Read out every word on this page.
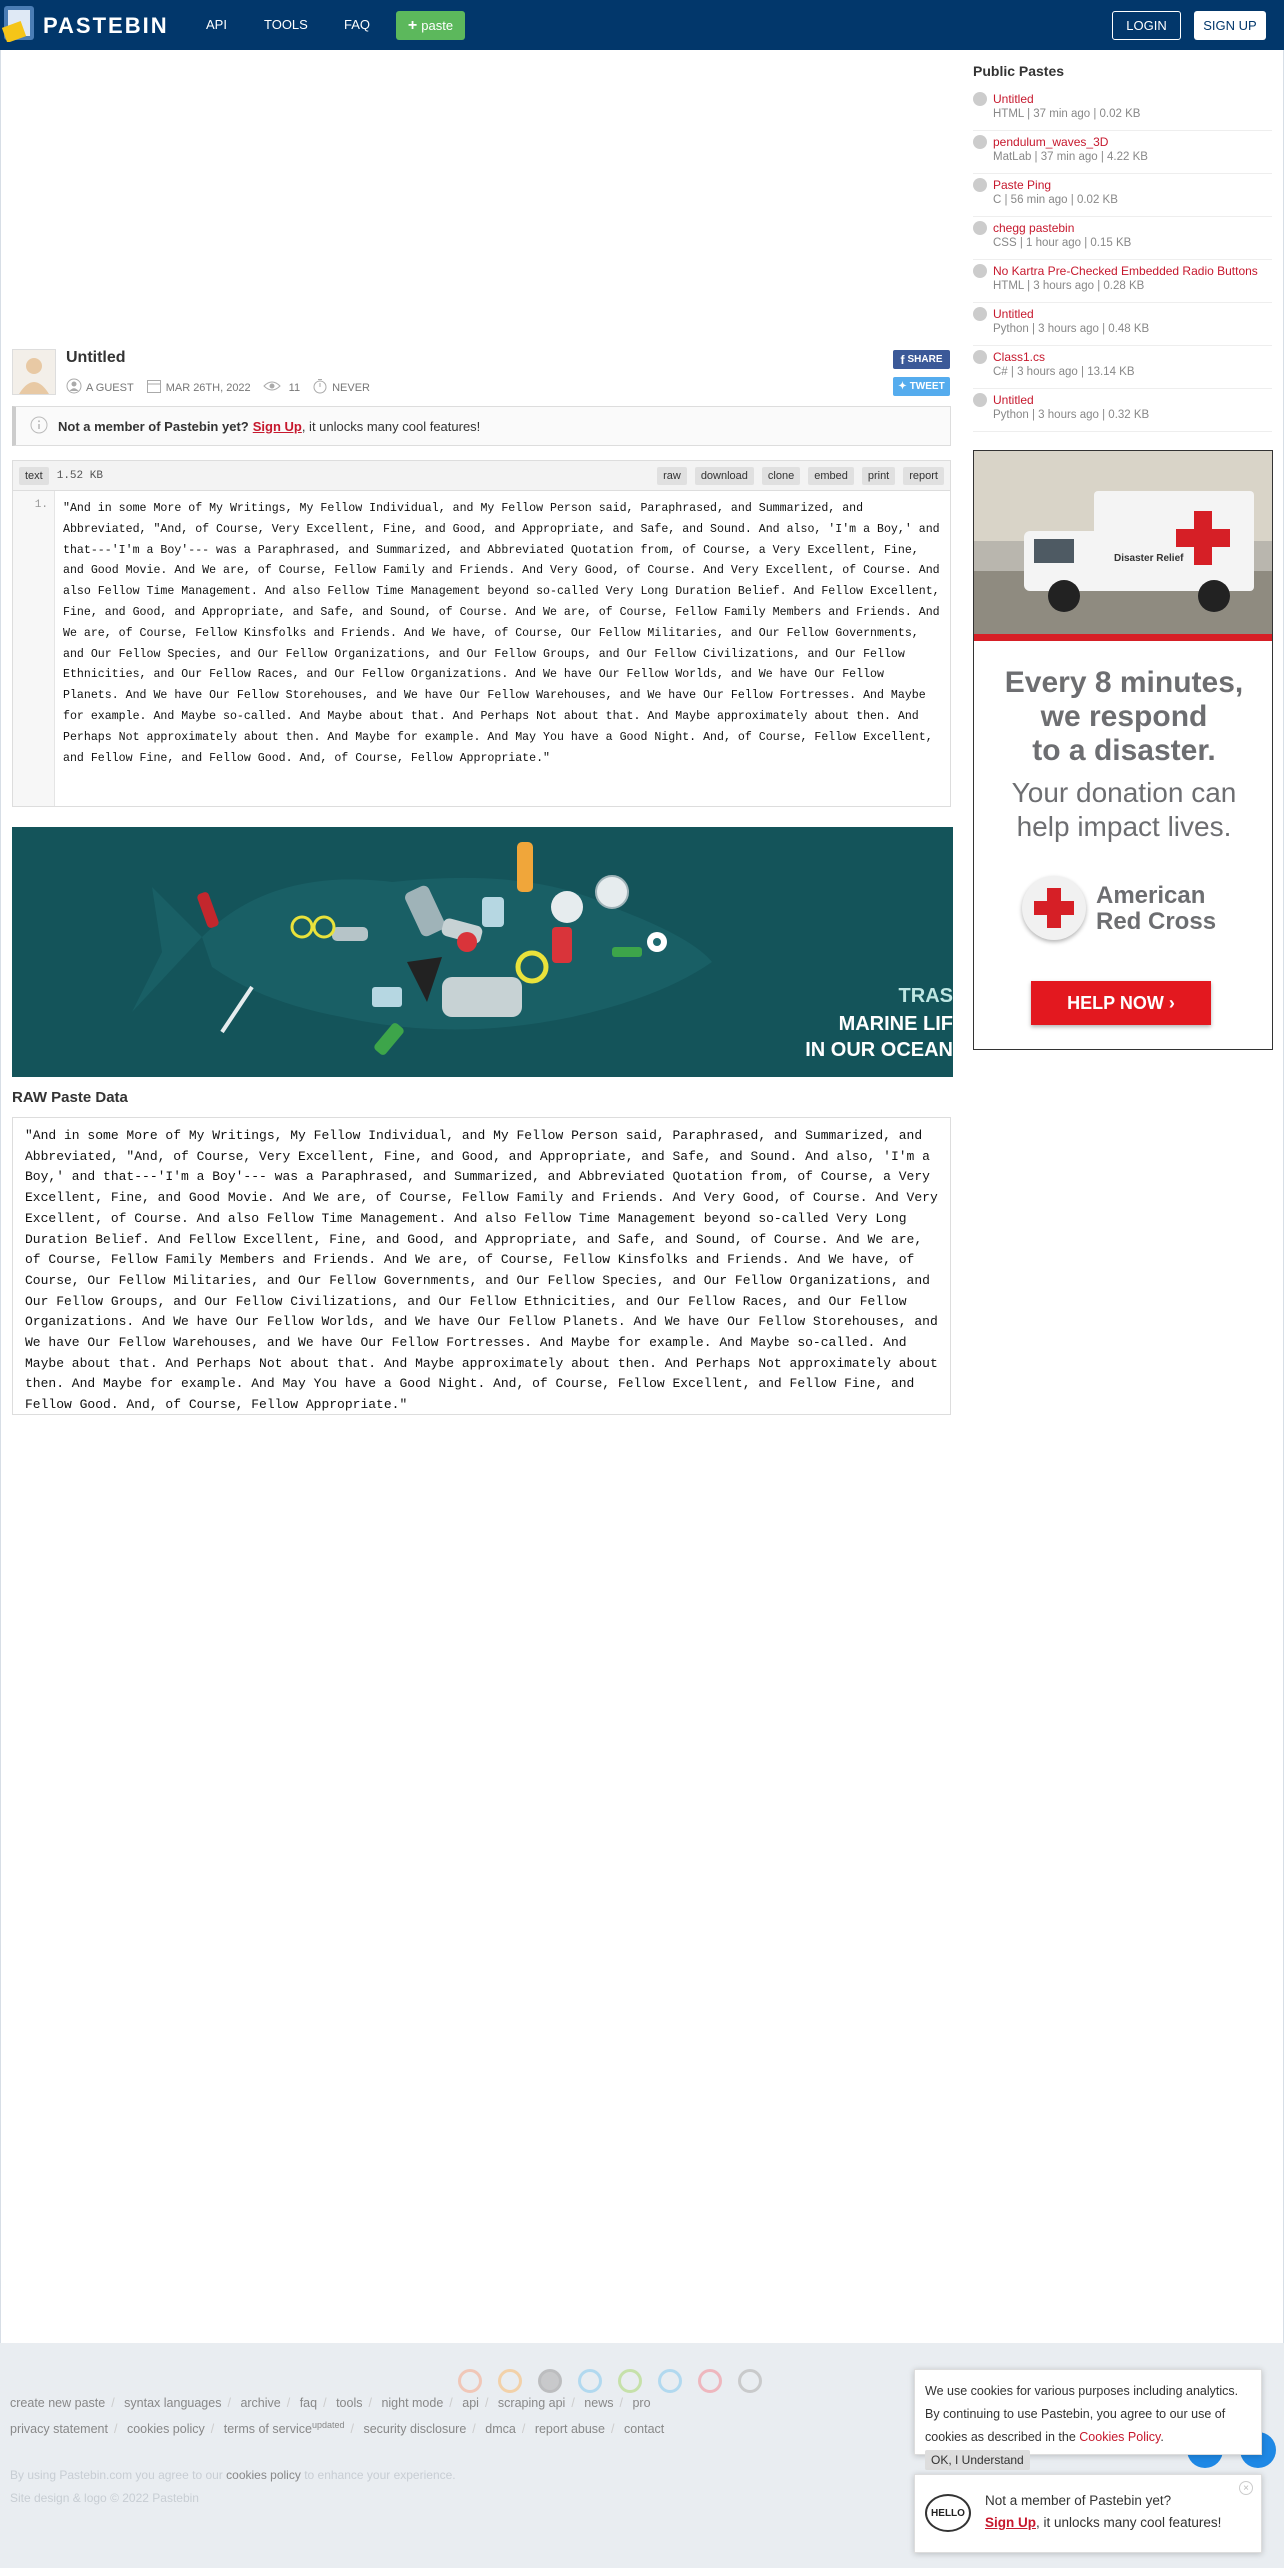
PASTEBIN	API	TOOLS	FAQ + paste	LOGIN	SIGN UP
Untitled
A GUEST	MAR 26TH, 2022	11	NEVER
f SHARE
✦ TWEET
Not a member of Pastebin yet? Sign Up , it unlocks many cool features!
text	1.52 KB	raw	download	clone	embed	print	report
1.	"And in some More of My Writings, My Fellow Individual, and My Fellow Person said, Paraphrased, and Summarized, and Abbreviated, "And, of Course, Very Excellent, Fine, and Good, and Appropriate, and Safe, and Sound. And also, 'I'm a Boy,' and that---'I'm a Boy'--- was a Paraphrased, and Summarized, and Abbreviated Quotation from, of Course, a Very Excellent, Fine, and Good Movie. And We are, of Course, Fellow Family and Friends. And Very Good, of Course. And Very Excellent, of Course. And also Fellow Time Management. And also Fellow Time Management beyond so-called Very Long Duration Belief. And Fellow Excellent, Fine, and Good, and Appropriate, and Safe, and Sound, of Course. And We are, of Course, Fellow Family Members and Friends. And We are, of Course, Fellow Kinsfolks and Friends. And We have, of Course, Our Fellow Militaries, and Our Fellow Governments, and Our Fellow Species, and Our Fellow Organizations, and Our Fellow Groups, and Our Fellow Civilizations, and Our Fellow Ethnicities, and Our Fellow Races, and Our Fellow Organizations. And We have Our Fellow Worlds, and We have Our Fellow Planets. And We have Our Fellow Storehouses, and We have Our Fellow Warehouses, and We have Our Fellow Fortresses. And Maybe for example. And Maybe so-called. And Maybe about that. And Perhaps Not about that. And Maybe approximately about then. And Perhaps Not approximately about then. And Maybe for example. And May You have a Good Night. And, of Course, Fellow Excellent, and Fellow Fine, and Fellow Good. And, of Course, Fellow Appropriate."
TRAS
MARINE LIF
IN OUR OCEAN
RAW Paste Data
"And in some More of My Writings, My Fellow Individual, and My Fellow Person said, Paraphrased, and Summarized, and Abbreviated, "And, of Course, Very Excellent, Fine, and Good, and Appropriate, and Safe, and Sound. And also, 'I'm a Boy,' and that---'I'm a Boy'--- was a Paraphrased, and Summarized, and Abbreviated Quotation from, of Course, a Very Excellent, Fine, and Good Movie. And We are, of Course, Fellow Family and Friends. And Very Good, of Course. And Very Excellent, of Course. And also Fellow Time Management. And also Fellow Time Management beyond so-called Very Long Duration Belief. And Fellow Excellent, Fine, and Good, and Appropriate, and Safe, and Sound, of Course. And We are, of Course, Fellow Family Members and Friends. And We are, of Course, Fellow Kinsfolks and Friends. And We have, of Course, Our Fellow Militaries, and Our Fellow Governments, and Our Fellow Species, and Our Fellow Organizations, and Our Fellow Groups, and Our Fellow Civilizations, and Our Fellow Ethnicities, and Our Fellow Races, and Our Fellow Organizations. And We have Our Fellow Worlds, and We have Our Fellow Planets. And We have Our Fellow Storehouses, and We have Our Fellow Warehouses, and We have Our Fellow Fortresses. And Maybe for example. And Maybe so-called. And Maybe about that. And Perhaps Not about that. And Maybe approximately about then. And Perhaps Not approximately about then. And Maybe for example. And May You have a Good Night. And, of Course, Fellow Excellent, and Fellow Fine, and Fellow Good. And, of Course, Fellow Appropriate."
Public Pastes
Untitled
HTML | 37 min ago | 0.02 KB
pendulum_waves_3D
MatLab | 37 min ago | 4.22 KB
Paste Ping
C | 56 min ago | 0.02 KB
chegg pastebin
CSS | 1 hour ago | 0.15 KB
No Kartra Pre-Checked Embedded Radio Buttons
HTML | 3 hours ago | 0.28 KB
Untitled
Python | 3 hours ago | 0.48 KB
Class1.cs
C# | 3 hours ago | 13.14 KB
Untitled
Python | 3 hours ago | 0.32 KB
Disaster Relief
Every 8 minutes,
we respond
to a disaster.
Your donation can
help impact lives.
American
Red Cross
HELP NOW ›
create new paste / syntax languages / archive / faq / tools / night mode / api / scraping api / news / pro
privacy statement / cookies policy / terms of service$^{updated}$ / security disclosure / dmca / report abuse / contact
By using Pastebin.com you agree to our cookies policy to enhance your experience.
Site design & logo © 2022 Pastebin
We use cookies for various purposes including analytics. By continuing to use Pastebin, you agree to our use of cookies as described in the Cookies Policy. OK, I Understand
HELLO
Not a member of Pastebin yet?
Sign Up, it unlocks many cool features!
×
